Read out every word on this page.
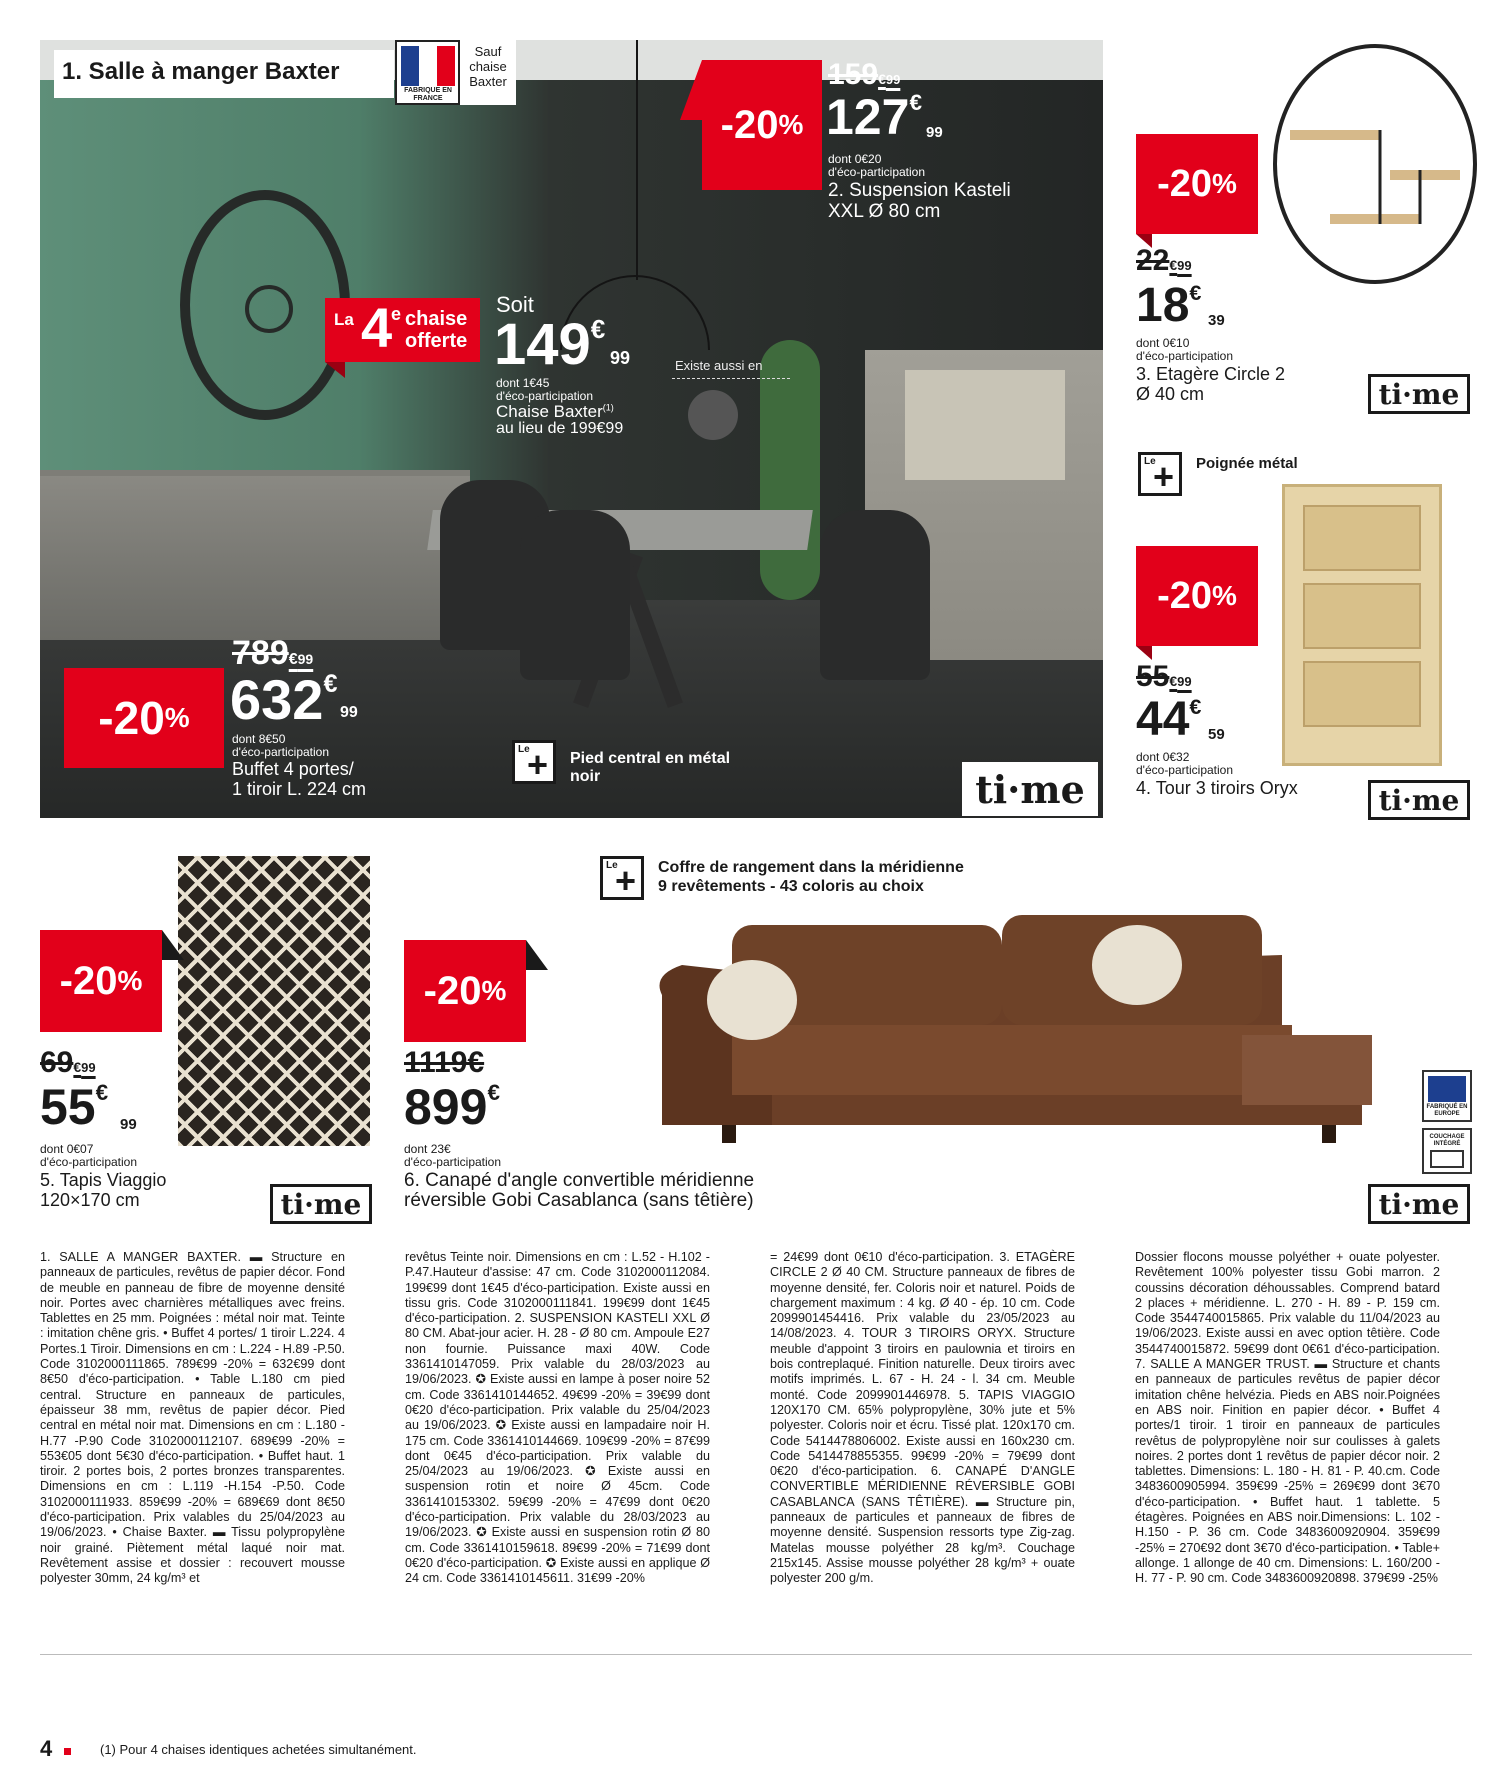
1. Salle à manger Baxter
FABRIQUE EN FRANCE
Sauf chaise Baxter
La 4
e chaise
offerte
Soit
149€
99
dont 1€45
d'éco-participation
Chaise Baxter$^{(1)}$
au lieu de 199€99
Existe aussi en
Le
+ Pied central en métal noir
-20 %
789€99
632€
99
dont 8€50
d'éco-participation
Buffet 4 portes/
1 tiroir L. 224 cm	ti·me
-20 %
159€99
127€
99
dont 0€20
d'éco-participation
2. Suspension Kasteli
XXL Ø 80 cm
-20 %
22€99
18€
39
dont 0€10
d'éco-participation
3. Etagère Circle 2
Ø 40 cm	ti·me
Le
+ Poignée métal
-20 %
55€99
44€
59
dont 0€32
d'éco-participation
4. Tour 3 tiroirs Oryx	ti·me
-20 %
69€99
55€
99
dont 0€07
d'éco-participation
5. Tapis Viaggio
120×170 cm	ti·me
Le
+ Coffre de rangement dans la méridienne
9 revêtements - 43 coloris au choix
-20 %
1119€
899€
dont 23€
d'éco-participation
6. Canapé d'angle convertible méridienne
réversible Gobi Casablanca (sans têtière)
FABRIQUÉ EN EUROPE
COUCHAGE INTÉGRÉ
ti·me
1. SALLE A MANGER BAXTER. ▬ Structure en panneaux de particules, revêtus de papier décor. Fond de meuble en panneau de fibre de moyenne densité noir. Portes avec charnières métalliques avec freins. Tablettes en 25 mm. Poignées : métal noir mat. Teinte : imitation chêne gris. • Buffet 4 portes/ 1 tiroir L.224. 4 Portes.1 Tiroir. Dimensions en cm : L.224 - H.89 -P.50. Code 3102000111865. 789€99 -20% = 632€99 dont 8€50 d'éco-participation. • Table L.180 cm pied central. Structure en panneaux de particules, épaisseur 38 mm, revêtus de papier décor. Pied central en métal noir mat. Dimensions en cm : L.180 -H.77 -P.90 Code 3102000112107. 689€99 -20% = 553€05 dont 5€30 d'éco-participation. • Buffet haut. 1 tiroir. 2 portes bois, 2 portes bronzes transparentes. Dimensions en cm : L.119 -H.154 -P.50. Code 3102000111933. 859€99 -20% = 689€69 dont 8€50 d'éco-participation. Prix valables du 25/04/2023 au 19/06/2023. • Chaise Baxter. ▬ Tissu polypropylène noir grainé. Piètement métal laqué noir mat. Revêtement assise et dossier : recouvert mousse polyester 30mm, 24 kg/m³ et
revêtus Teinte noir. Dimensions en cm : L.52 - H.102 -P.47.Hauteur d'assise: 47 cm. Code 3102000112084. 199€99 dont 1€45 d'éco-participation. Existe aussi en tissu gris. Code 3102000111841. 199€99 dont 1€45 d'éco-participation. 2. SUSPENSION KASTELI XXL Ø 80 CM. Abat-jour acier. H. 28 - Ø 80 cm. Ampoule E27 non fournie. Puissance maxi 40W. Code 3361410147059. Prix valable du 28/03/2023 au 19/06/2023. ✪ Existe aussi en lampe à poser noire 52 cm. Code 3361410144652. 49€99 -20% = 39€99 dont 0€20 d'éco-participation. Prix valable du 25/04/2023 au 19/06/2023. ✪ Existe aussi en lampadaire noir H. 175 cm. Code 3361410144669. 109€99 -20% = 87€99 dont 0€45 d'éco-participation. Prix valable du 25/04/2023 au 19/06/2023. ✪ Existe aussi en suspension rotin et noire Ø 45cm. Code 3361410153302. 59€99 -20% = 47€99 dont 0€20 d'éco-participation. Prix valable du 28/03/2023 au 19/06/2023. ✪ Existe aussi en suspension rotin Ø 80 cm. Code 3361410159618. 89€99 -20% = 71€99 dont 0€20 d'éco-participation. ✪ Existe aussi en applique Ø 24 cm. Code 3361410145611. 31€99 -20%
= 24€99 dont 0€10 d'éco-participation. 3. ETAGÈRE CIRCLE 2 Ø 40 CM. Structure panneaux de fibres de moyenne densité, fer. Coloris noir et naturel. Poids de chargement maximum : 4 kg. Ø 40 - ép. 10 cm. Code 2099901454416. Prix valable du 23/05/2023 au 14/08/2023. 4. TOUR 3 TIROIRS ORYX. Structure meuble d'appoint 3 tiroirs en paulownia et tiroirs en bois contreplaqué. Finition naturelle. Deux tiroirs avec motifs imprimés. L. 67 - H. 24 - l. 34 cm. Meuble monté. Code 2099901446978. 5. TAPIS VIAGGIO 120X170 CM. 65% polypropylène, 30% jute et 5% polyester. Coloris noir et écru. Tissé plat. 120x170 cm. Code 5414478806002. Existe aussi en 160x230 cm. Code 5414478855355. 99€99 -20% = 79€99 dont 0€20 d'éco-participation. 6. CANAPÉ D'ANGLE CONVERTIBLE MÉRIDIENNE RÉVERSIBLE GOBI CASABLANCA (SANS TÊTIÈRE). ▬ Structure pin, panneaux de particules et panneaux de fibres de moyenne densité. Suspension ressorts type Zig-zag. Matelas mousse polyéther 28 kg/m³. Couchage 215x145. Assise mousse polyéther 28 kg/m³ + ouate polyester 200 g/m.
Dossier flocons mousse polyéther + ouate polyester. Revêtement 100% polyester tissu Gobi marron. 2 coussins décoration déhoussables. Comprend batard 2 places + méridienne. L. 270 - H. 89 - P. 159 cm. Code 3544740015865. Prix valable du 11/04/2023 au 19/06/2023. Existe aussi en avec option têtière. Code 3544740015872. 59€99 dont 0€61 d'éco-participation. 7. SALLE A MANGER TRUST. ▬ Structure et chants en panneaux de particules revêtus de papier décor imitation chêne helvézia. Pieds en ABS noir.Poignées en ABS noir. Finition en papier décor. • Buffet 4 portes/1 tiroir. 1 tiroir en panneaux de particules revêtus de polypropylène noir sur coulisses à galets noires. 2 portes dont 1 revêtus de papier décor noir. 2 tablettes. Dimensions: L. 180 - H. 81 - P. 40.cm. Code 3483600905994. 359€99 -25% = 269€99 dont 3€70 d'éco-participation. • Buffet haut. 1 tablette. 5 étagères. Poignées en ABS noir.Dimensions: L. 102 - H.150 - P. 36 cm. Code 3483600920904. 359€99 -25% = 270€92 dont 3€70 d'éco-participation. • Table+ allonge. 1 allonge de 40 cm. Dimensions: L. 160/200 - H. 77 - P. 90 cm. Code 3483600920898. 379€99 -25%
4	(1) Pour 4 chaises identiques achetées simultanément.
